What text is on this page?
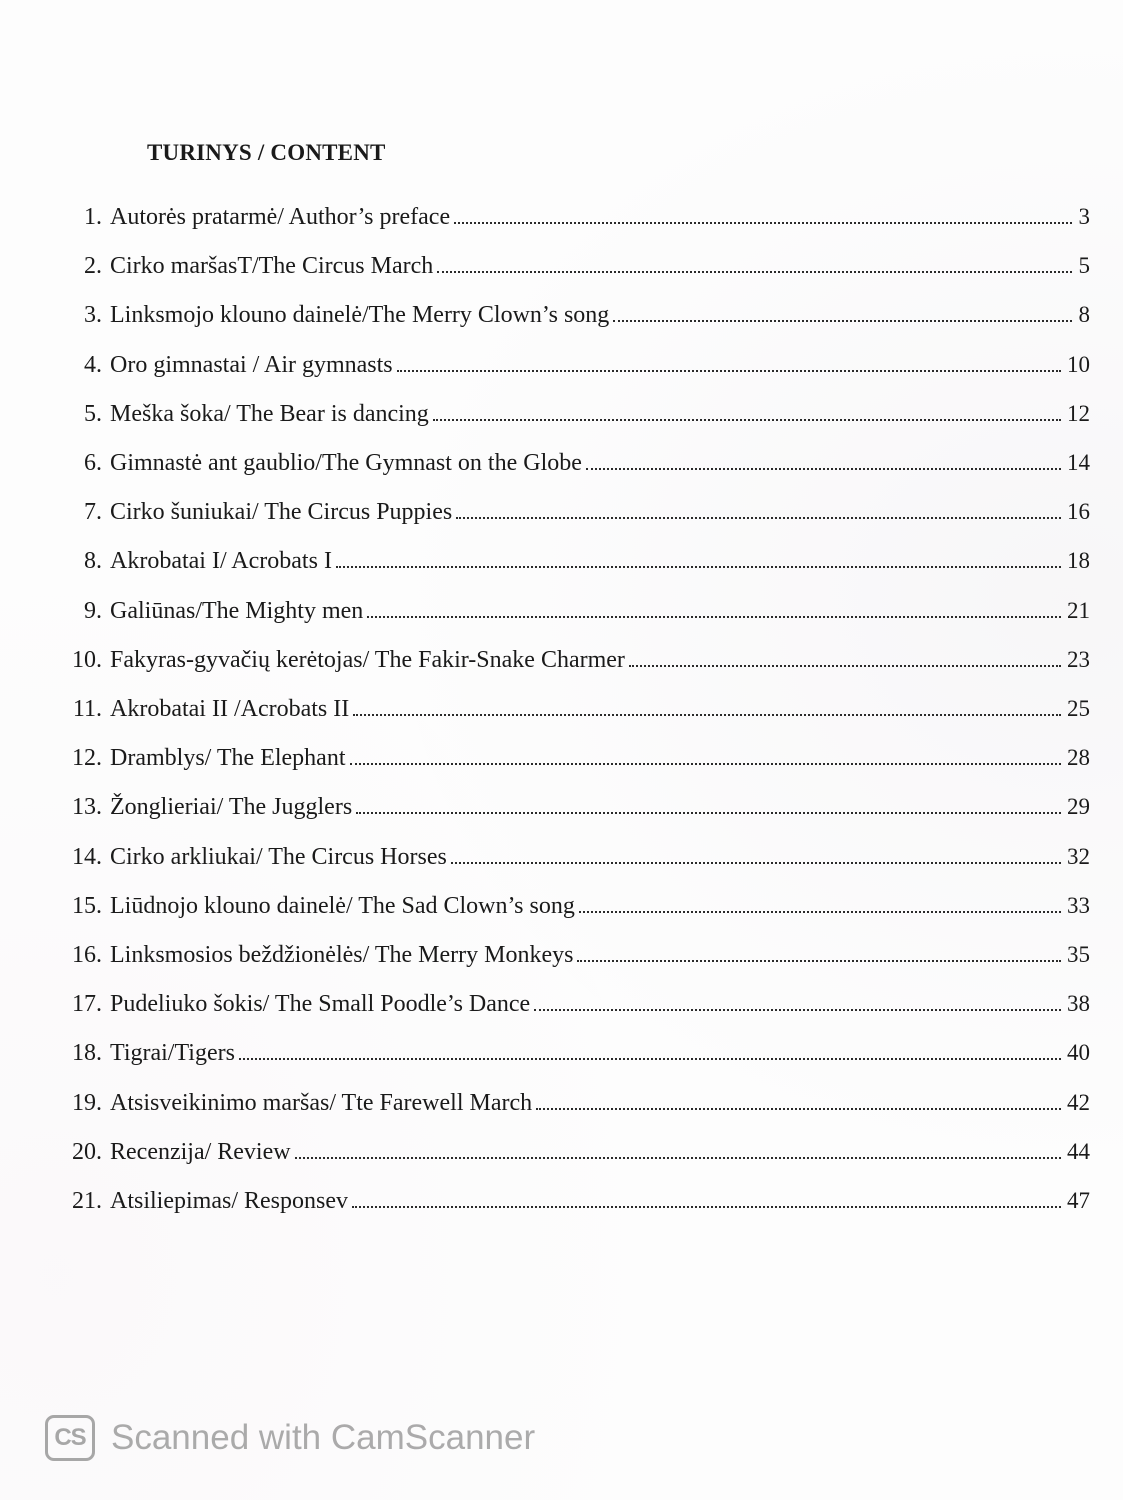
TURINYS / CONTENT
1. Autorės pratarmė/ Author’s preface	3
2. Cirko maršasT/The Circus March	5
3. Linksmojo klouno dainelė/The Merry Clown’s song	8
4. Oro gimnastai / Air gymnasts	10
5. Meška šoka/ The Bear is dancing	12
6. Gimnastė ant gaublio/The Gymnast on the Globe	14
7. Cirko šuniukai/ The Circus Puppies	16
8. Akrobatai I/ Acrobats I	18
9. Galiūnas/The Mighty men	21
10. Fakyras-gyvačių kerėtojas/ The Fakir-Snake Charmer	23
11. Akrobatai II /Acrobats II	25
12. Dramblys/ The Elephant	28
13. Žonglieriai/ The Jugglers	29
14. Cirko arkliukai/ The Circus Horses	32
15. Liūdnojo klouno dainelė/ The Sad Clown’s song	33
16. Linksmosios beždžionėlės/ The Merry Monkeys	35
17. Pudeliuko šokis/ The Small Poodle’s Dance	38
18. Tigrai/Tigers	40
19. Atsisveikinimo maršas/ Tte Farewell March	42
20. Recenzija/ Review	44
21. Atsiliepimas/ Responsev	47
CS Scanned with CamScanner
